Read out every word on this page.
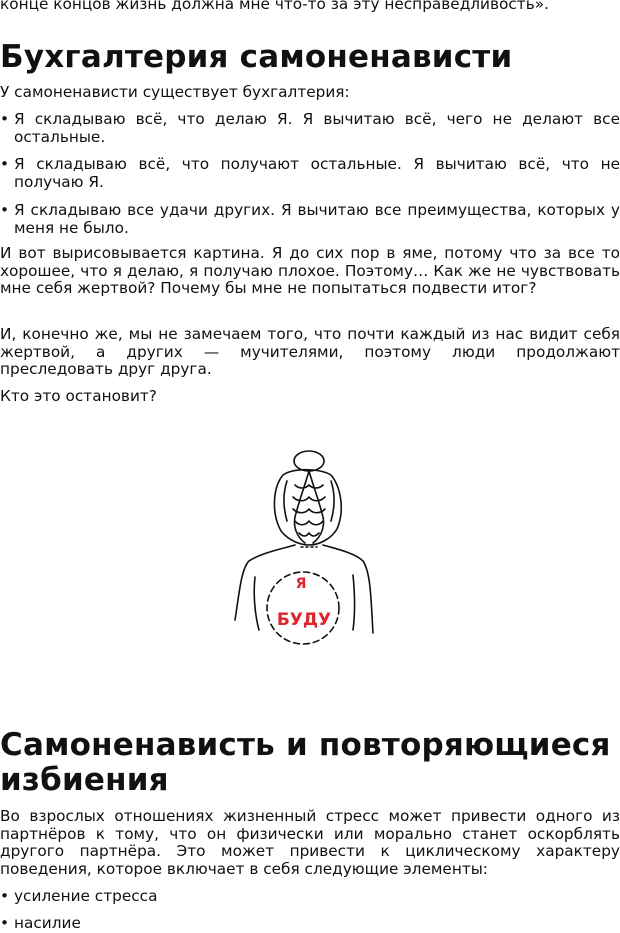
конце концов жизнь должна мне что-то за эту несправедливость».

Бухгалтерия самоненависти

У самоненависти существует бухгалтерия:

• Я складываю всё, что делаю Я. Я вычитаю всё, чего не делают все остальные.
• Я складываю всё, что получают остальные. Я вычитаю всё, что не получаю Я.
• Я складываю все удачи других. Я вычитаю все преимущества, которых у меня не было.

И вот вырисовывается картина. Я до сих пор в яме, потому что за все то хорошее, что я делаю, я получаю плохое. Поэтому… Как же не чувствовать мне себя жертвой? Почему бы мне не попытаться подвести итог?

И, конечно же, мы не замечаем того, что почти каждый из нас видит себя жертвой, а других — мучителями, поэтому люди продолжают преследовать друг друга.

Кто это остановит?

Я
БУДУ
Самоненависть и повторяющиеся
избиения

Во взрослых отношениях жизненный стресс может привести одного из партнёров к тому, что он физически или морально станет оскорблять другого партнёра. Это может привести к циклическому характеру поведения, которое включает в себя следующие элементы:

• усиление стресса
• насилие
